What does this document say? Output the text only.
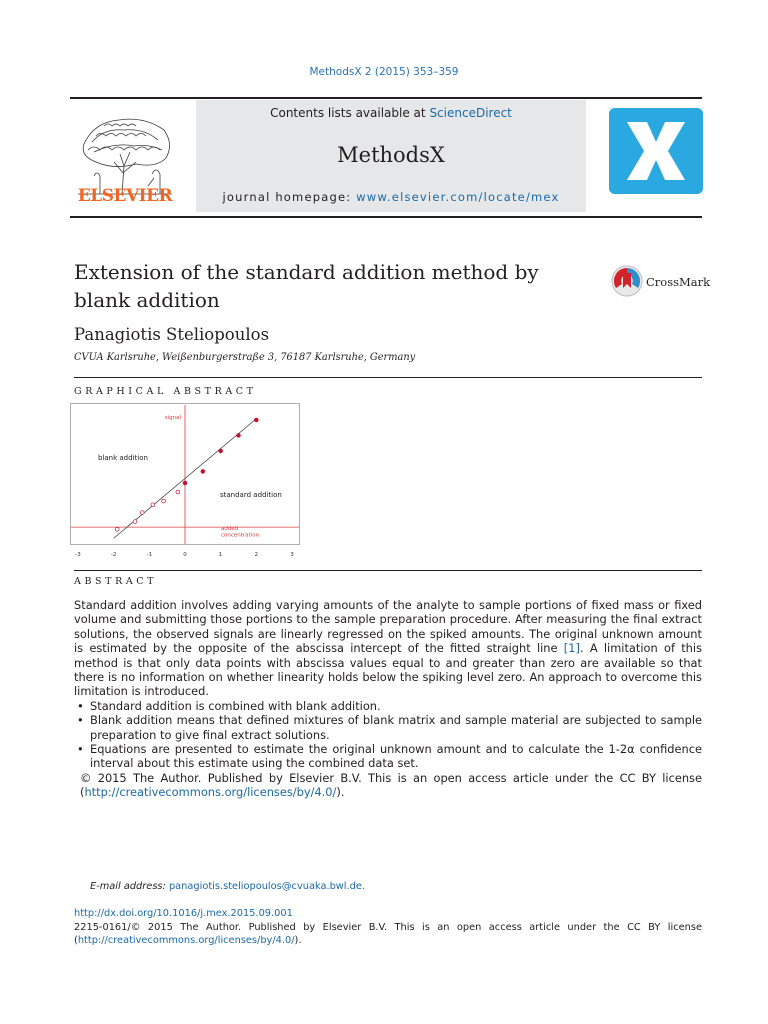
MethodsX 2 (2015) 353–359
Contents lists available at ScienceDirect
MethodsX
journal homepage: www.elsevier.com/locate/mex
ELSEVIER
Extension of the standard addition method by blank addition
CrossMark
Panagiotis Steliopoulos
CVUA Karlsruhe, Weißenburgerstraße 3, 76187 Karlsruhe, Germany
GRAPHICAL ABSTRACT
signal
added
concentration
blank addition
standard addition
-3	-2	-1	0	1	2	3
ABSTRACT

Standard addition involves adding varying amounts of the analyte to sample portions of fixed mass or fixed volume and submitting those portions to the sample preparation procedure. After measuring the final extract solutions, the observed signals are linearly regressed on the spiked amounts. The original unknown amount is estimated by the opposite of the abscissa intercept of the fitted straight line [1]. A limitation of this method is that only data points with abscissa values equal to and greater than zero are available so that there is no information on whether linearity holds below the spiking level zero. An approach to overcome this limitation is introduced.

• Standard addition is combined with blank addition.
• Blank addition means that defined mixtures of blank matrix and sample material are subjected to sample preparation to give final extract solutions.
• Equations are presented to estimate the original unknown amount and to calculate the 1-2α confidence interval about this estimate using the combined data set.

© 2015 The Author. Published by Elsevier B.V. This is an open access article under the CC BY license (http://creativecommons.org/licenses/by/4.0/).

E-mail address: panagiotis.steliopoulos@cvuaka.bwl.de.
http://dx.doi.org/10.1016/j.mex.2015.09.001
2215-0161/© 2015 The Author. Published by Elsevier B.V. This is an open access article under the CC BY license (http://creativecommons.org/licenses/by/4.0/).
